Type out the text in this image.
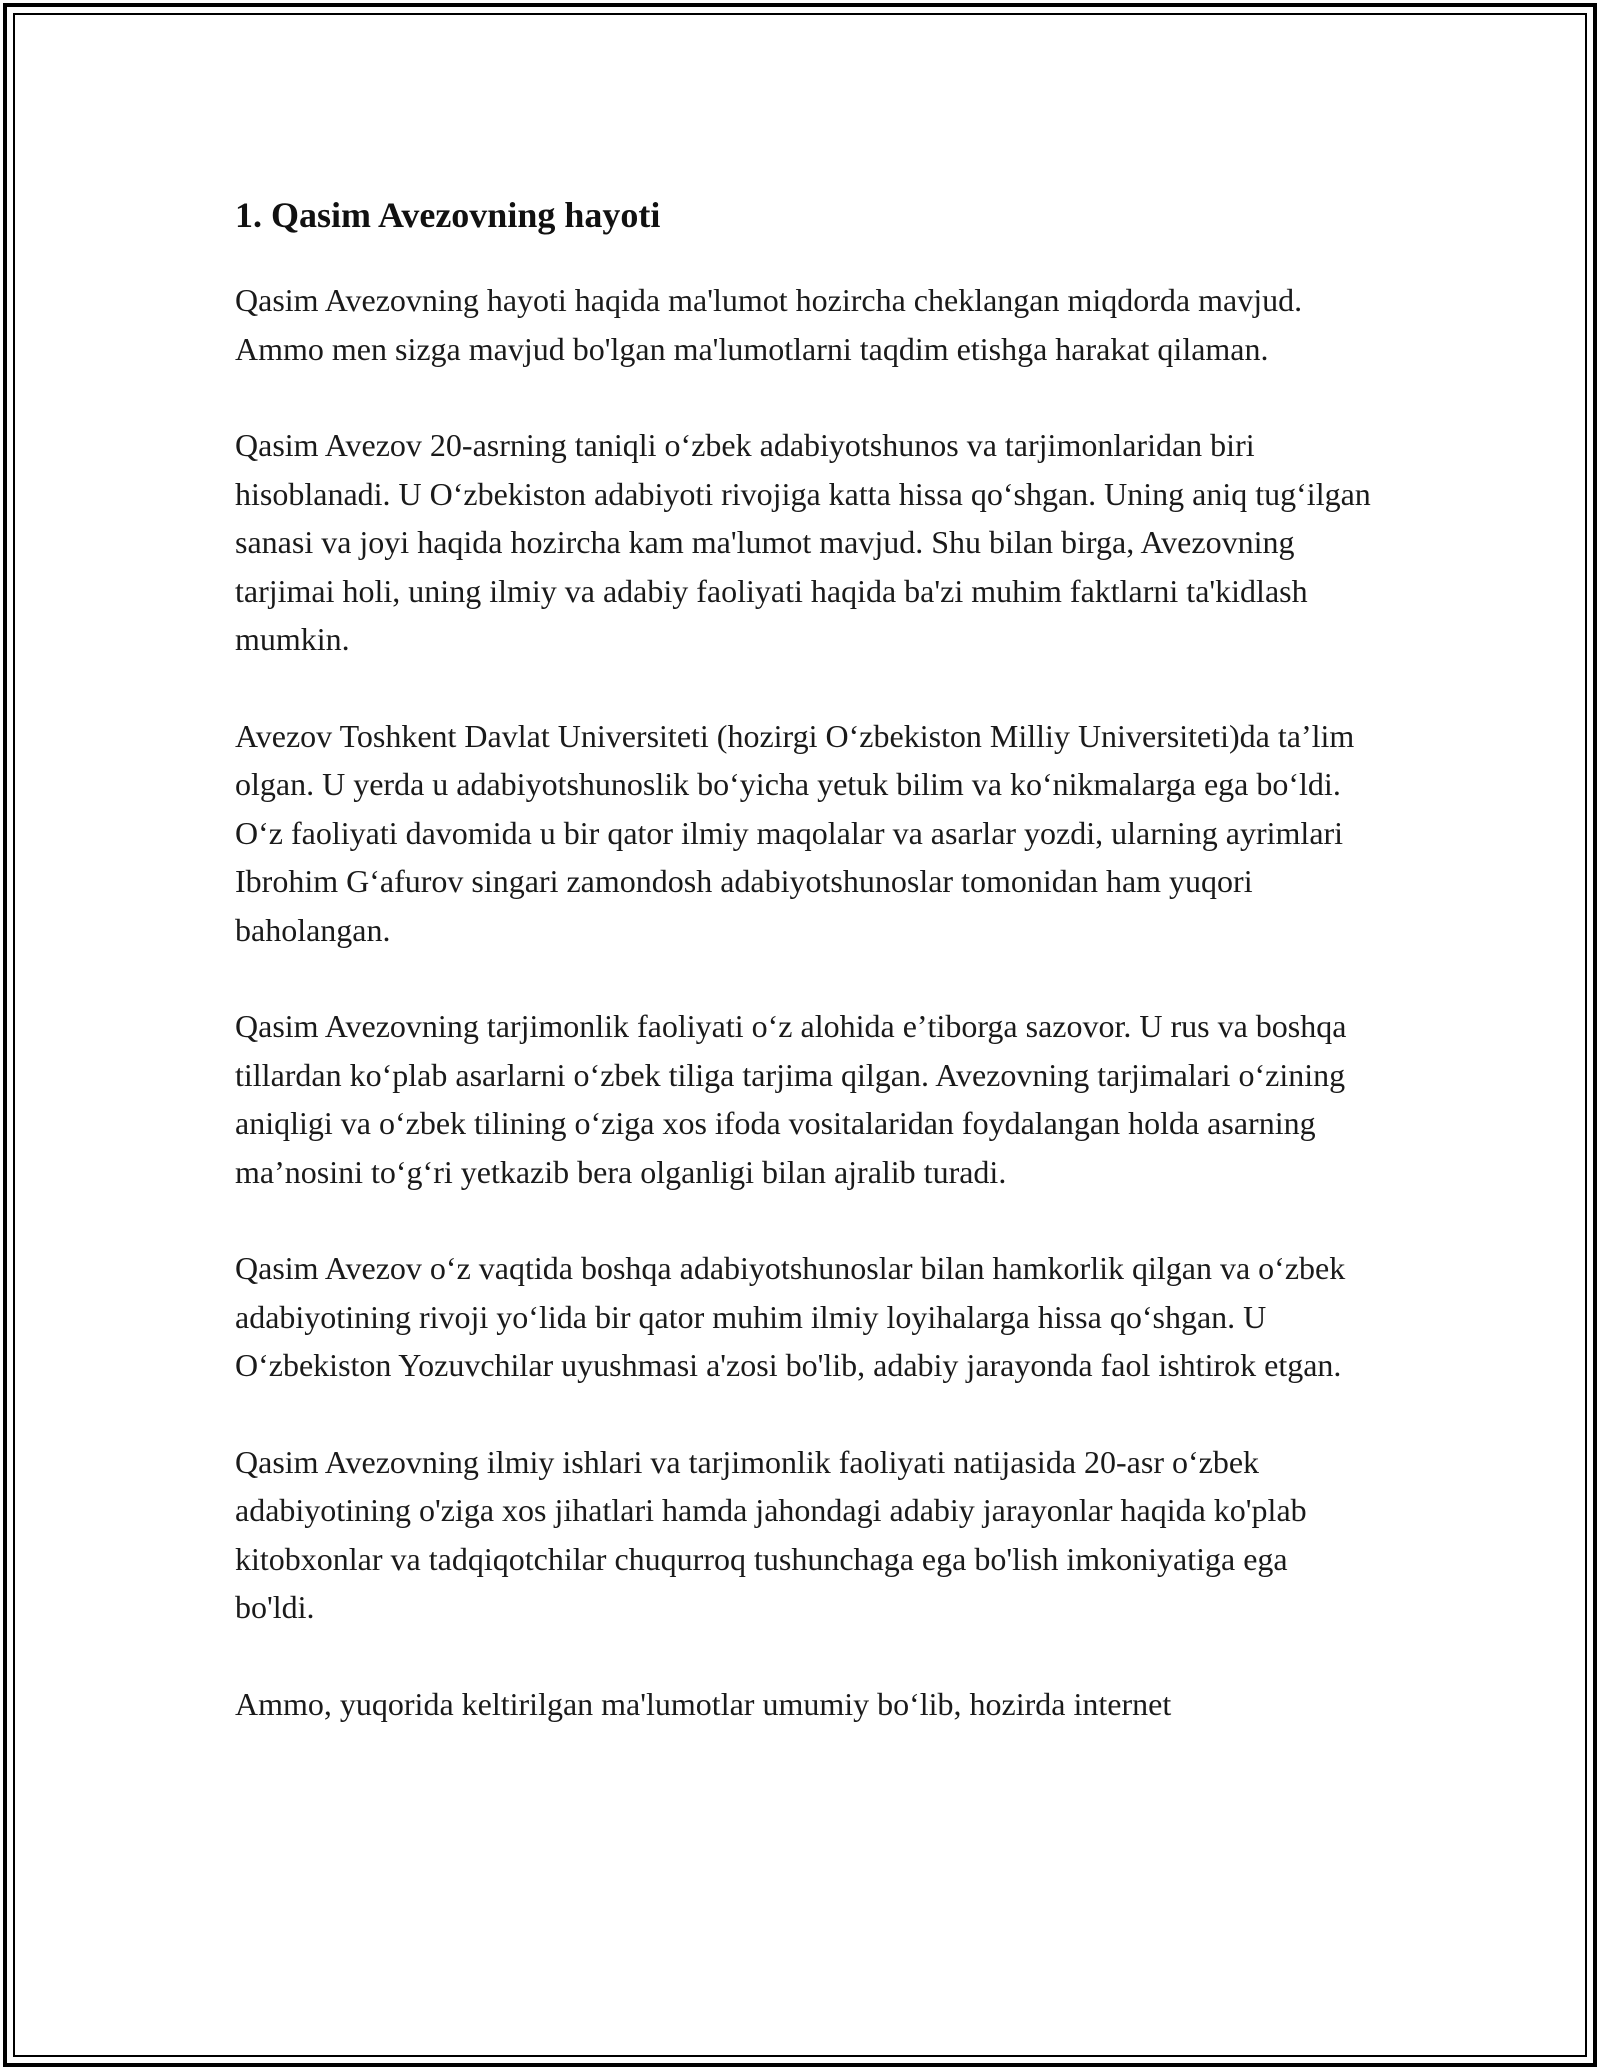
1. Qasim Avezovning hayoti

Qasim Avezovning hayoti haqida ma'lumot hozircha cheklangan miqdorda mavjud. Ammo men sizga mavjud bo'lgan ma'lumotlarni taqdim etishga harakat qilaman.

Qasim Avezov 20-asrning taniqli oʻzbek adabiyotshunos va tarjimonlaridan biri hisoblanadi. U Oʻzbekiston adabiyoti rivojiga katta hissa qoʻshgan. Uning aniq tugʻilgan sanasi va joyi haqida hozircha kam ma'lumot mavjud. Shu bilan birga, Avezovning tarjimai holi, uning ilmiy va adabiy faoliyati haqida ba'zi muhim faktlarni ta'kidlash mumkin.

Avezov Toshkent Davlat Universiteti (hozirgi Oʻzbekiston Milliy Universiteti)da taʼlim olgan. U yerda u adabiyotshunoslik boʻyicha yetuk bilim va koʻnikmalarga ega boʻldi. Oʻz faoliyati davomida u bir qator ilmiy maqolalar va asarlar yozdi, ularning ayrimlari Ibrohim Gʻafurov singari zamondosh adabiyotshunoslar tomonidan ham yuqori baholangan.

Qasim Avezovning tarjimonlik faoliyati oʻz alohida eʼtiborga sazovor. U rus va boshqa tillardan koʻplab asarlarni oʻzbek tiliga tarjima qilgan. Avezovning tarjimalari oʻzining aniqligi va oʻzbek tilining oʻziga xos ifoda vositalaridan foydalangan holda asarning maʼnosini toʻgʻri yetkazib bera olganligi bilan ajralib turadi.

Qasim Avezov oʻz vaqtida boshqa adabiyotshunoslar bilan hamkorlik qilgan va oʻzbek adabiyotining rivoji yoʻlida bir qator muhim ilmiy loyihalarga hissa qoʻshgan. U Oʻzbekiston Yozuvchilar uyushmasi a'zosi bo'lib, adabiy jarayonda faol ishtirok etgan.

Qasim Avezovning ilmiy ishlari va tarjimonlik faoliyati natijasida 20-asr oʻzbek adabiyotining o'ziga xos jihatlari hamda jahondagi adabiy jarayonlar haqida ko'plab kitobxonlar va tadqiqotchilar chuqurroq tushunchaga ega bo'lish imkoniyatiga ega bo'ldi.

Ammo, yuqorida keltirilgan ma'lumotlar umumiy boʻlib, hozirda internet
